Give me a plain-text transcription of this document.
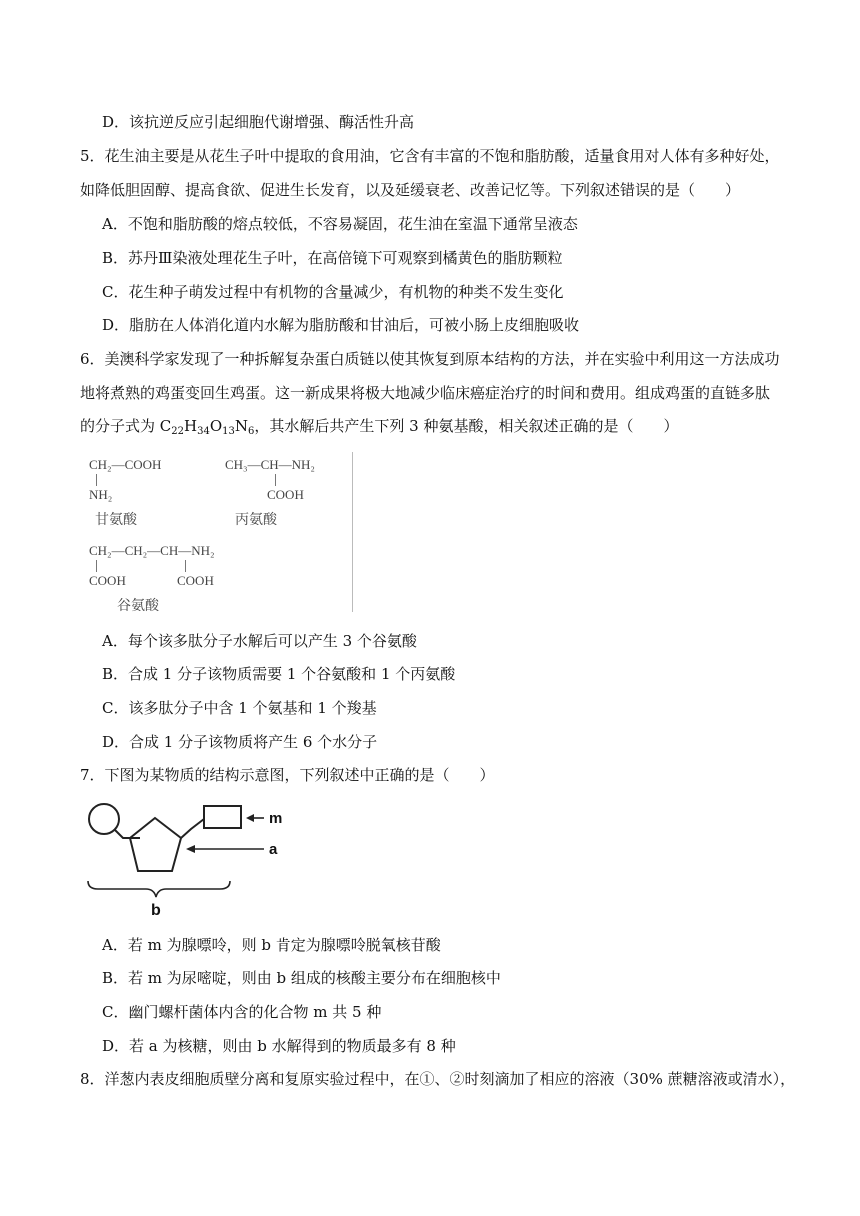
D．该抗逆反应引起细胞代谢增强、酶活性升高
5．花生油主要是从花生子叶中提取的食用油，它含有丰富的不饱和脂肪酸，适量食用对人体有多种好处，
如降低胆固醇、提高食欲、促进生长发育，以及延缓衰老、改善记忆等。下列叙述错误的是（　　）
A．不饱和脂肪酸的熔点较低，不容易凝固，花生油在室温下通常呈液态
B．苏丹Ⅲ染液处理花生子叶，在高倍镜下可观察到橘黄色的脂肪颗粒
C．花生种子萌发过程中有机物的含量减少，有机物的种类不发生变化
D．脂肪在人体消化道内水解为脂肪酸和甘油后，可被小肠上皮细胞吸收
6．美澳科学家发现了一种拆解复杂蛋白质链以使其恢复到原本结构的方法，并在实验中利用这一方法成功
地将煮熟的鸡蛋变回生鸡蛋。这一新成果将极大地减少临床癌症治疗的时间和费用。组成鸡蛋的直链多肽
的分子式为 $C_{22}H_{34}O_{13}N_6$，其水解后共产生下列 3 种氨基酸，相关叙述正确的是（　　）
CH₂—COOH
NH₂
甘氨酸
CH₃—CH—NH₂
COOH
丙氨酸
CH₂—CH₂—CH—NH₂
COOH	COOH
谷氨酸
A．每个该多肽分子水解后可以产生 3 个谷氨酸
B．合成 1 分子该物质需要 1 个谷氨酸和 1 个丙氨酸
C．该多肽分子中含 1 个氨基和 1 个羧基
D．合成 1 分子该物质将产生 6 个水分子
7．下图为某物质的结构示意图，下列叙述中正确的是（　　）
m
a
b
A．若 m 为腺嘌呤，则 b 肯定为腺嘌呤脱氧核苷酸
B．若 m 为尿嘧啶，则由 b 组成的核酸主要分布在细胞核中
C．幽门螺杆菌体内含的化合物 m 共 5 种
D．若 a 为核糖，则由 b 水解得到的物质最多有 8 种
8．洋葱内表皮细胞质壁分离和复原实验过程中，在①、②时刻滴加了相应的溶液（30% 蔗糖溶液或清水），
